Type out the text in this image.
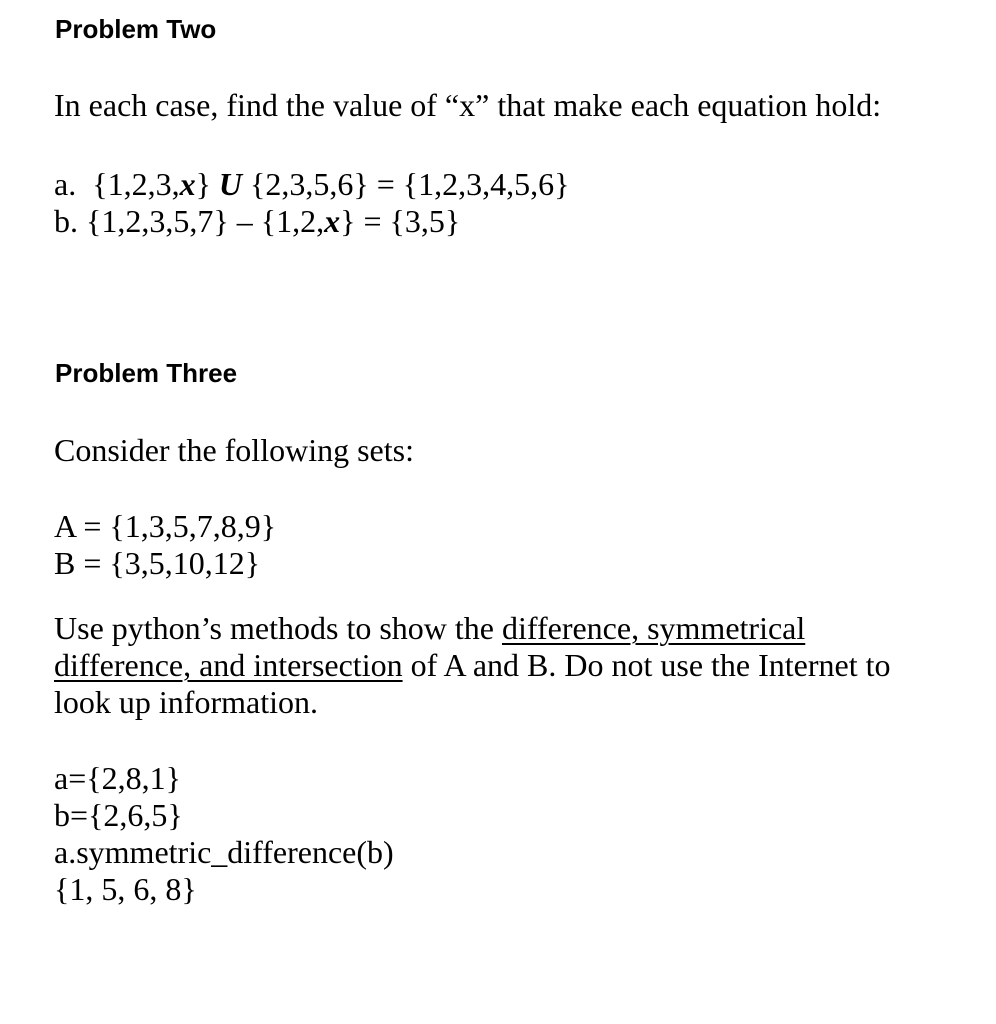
Problem Two

In each case, find the value of “x” that make each equation hold:

a. {1,2,3,x} U {2,3,5,6} = {1,2,3,4,5,6}
b. {1,2,3,5,7} – {1,2,x} = {3,5}
Problem Three

Consider the following sets:

A = {1,3,5,7,8,9}
B = {3,5,10,12}
Use python’s methods to show the difference, symmetrical
difference, and intersection of A and B. Do not use the Internet to
look up information.
a={2,8,1}
b={2,6,5}
a.symmetric_difference(b)
{1, 5, 6, 8}
